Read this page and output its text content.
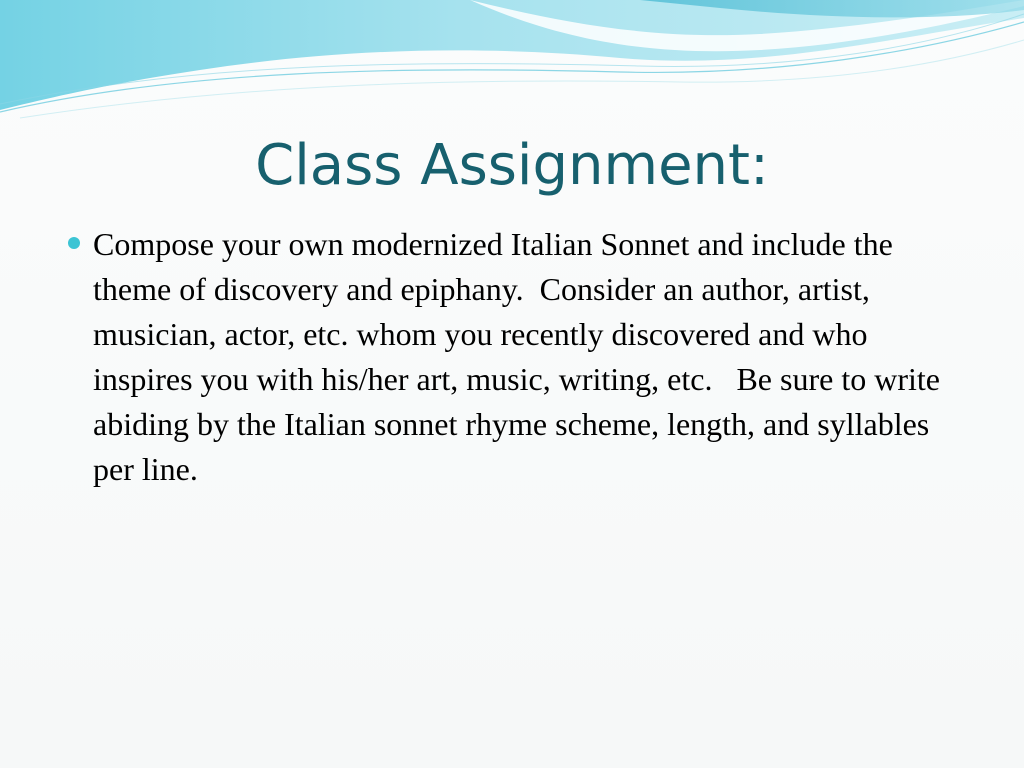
Class Assignment:
Compose your own modernized Italian Sonnet and include the theme of discovery and epiphany.  Consider an author, artist, musician, actor, etc. whom you recently discovered and who inspires you with his/her art, music, writing, etc.   Be sure to write abiding by the Italian sonnet rhyme scheme, length, and syllables per line.
